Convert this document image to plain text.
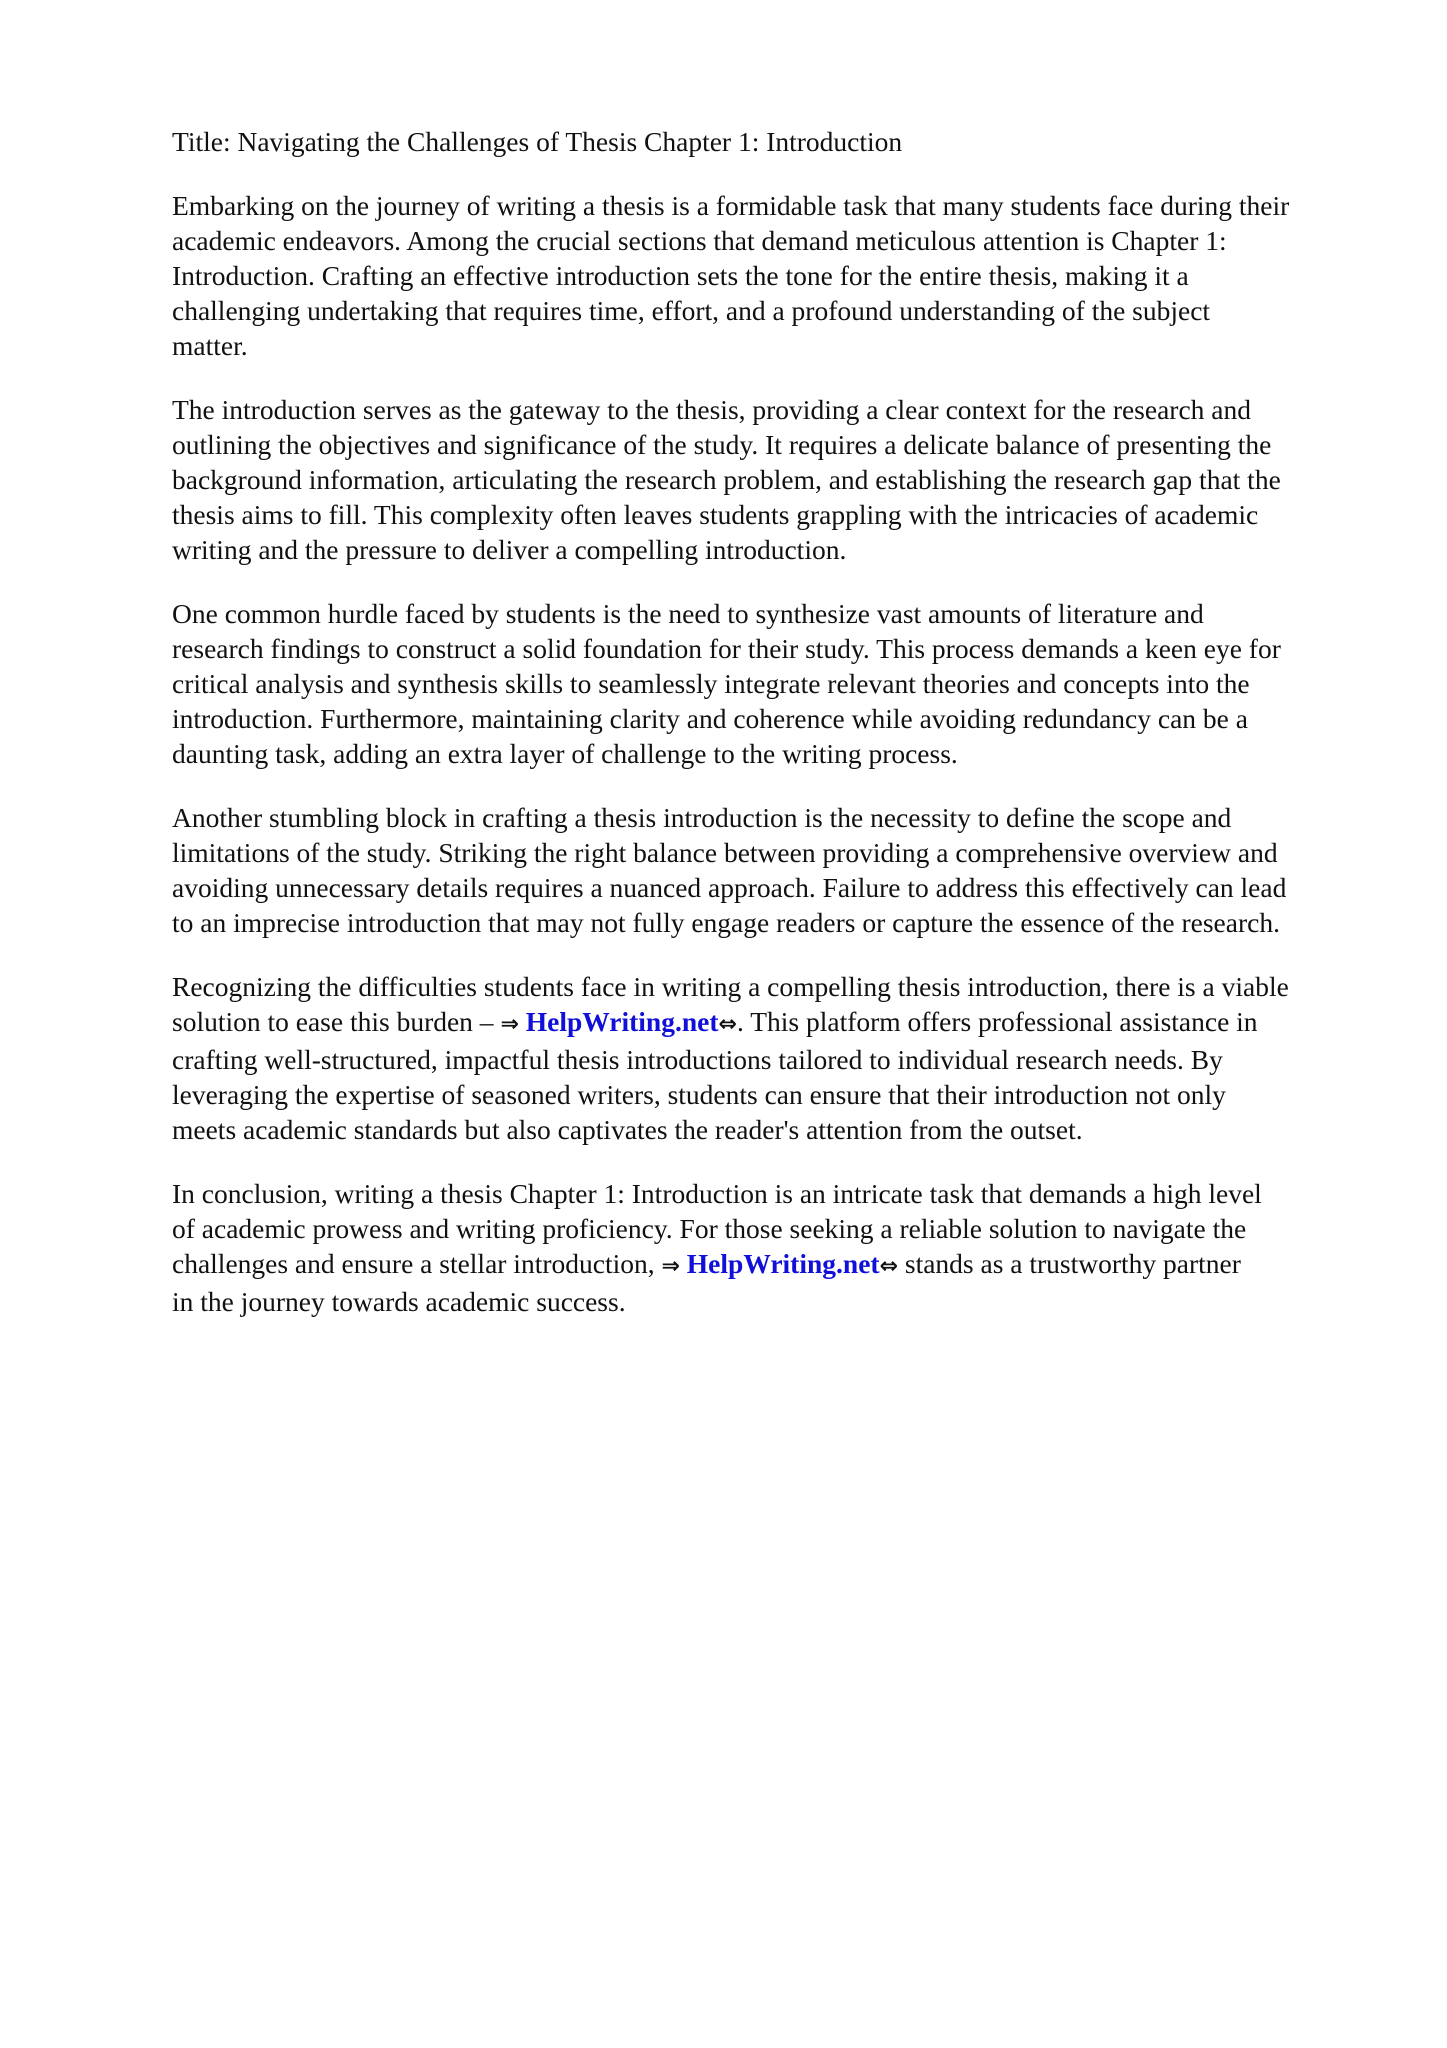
Title: Navigating the Challenges of Thesis Chapter 1: Introduction

Embarking on the journey of writing a thesis is a formidable task that many students face during their
academic endeavors. Among the crucial sections that demand meticulous attention is Chapter 1:
Introduction. Crafting an effective introduction sets the tone for the entire thesis, making it a
challenging undertaking that requires time, effort, and a profound understanding of the subject
matter.

The introduction serves as the gateway to the thesis, providing a clear context for the research and
outlining the objectives and significance of the study. It requires a delicate balance of presenting the
background information, articulating the research problem, and establishing the research gap that the
thesis aims to fill. This complexity often leaves students grappling with the intricacies of academic
writing and the pressure to deliver a compelling introduction.

One common hurdle faced by students is the need to synthesize vast amounts of literature and
research findings to construct a solid foundation for their study. This process demands a keen eye for
critical analysis and synthesis skills to seamlessly integrate relevant theories and concepts into the
introduction. Furthermore, maintaining clarity and coherence while avoiding redundancy can be a
daunting task, adding an extra layer of challenge to the writing process.

Another stumbling block in crafting a thesis introduction is the necessity to define the scope and
limitations of the study. Striking the right balance between providing a comprehensive overview and
avoiding unnecessary details requires a nuanced approach. Failure to address this effectively can lead
to an imprecise introduction that may not fully engage readers or capture the essence of the research.

Recognizing the difficulties students face in writing a compelling thesis introduction, there is a viable
solution to ease this burden – ⇒ HelpWriting.net⇔. This platform offers professional assistance in
crafting well-structured, impactful thesis introductions tailored to individual research needs. By
leveraging the expertise of seasoned writers, students can ensure that their introduction not only
meets academic standards but also captivates the reader's attention from the outset.

In conclusion, writing a thesis Chapter 1: Introduction is an intricate task that demands a high level
of academic prowess and writing proficiency. For those seeking a reliable solution to navigate the
challenges and ensure a stellar introduction, ⇒ HelpWriting.net⇔ stands as a trustworthy partner
in the journey towards academic success.
